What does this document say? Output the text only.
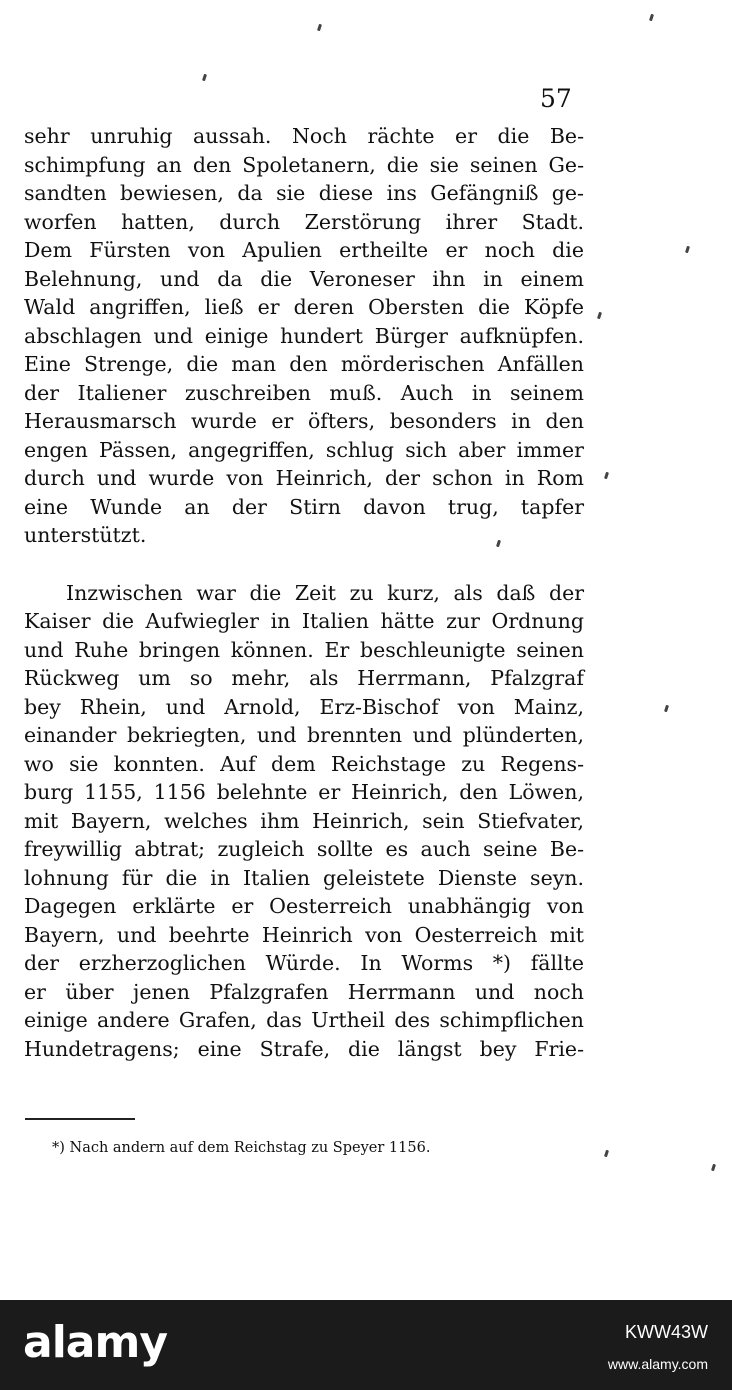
57
sehr unruhig aussah. Noch rächte er die Be-
schimpfung an den Spoletanern, die sie seinen Ge-
sandten bewiesen, da sie diese ins Gefängniß ge-
worfen hatten, durch Zerstörung ihrer Stadt.
Dem Fürsten von Apulien ertheilte er noch die
Belehnung, und da die Veroneser ihn in einem
Wald angriffen, ließ er deren Obersten die Köpfe
abschlagen und einige hundert Bürger aufknüpfen.
Eine Strenge, die man den mörderischen Anfällen
der Italiener zuschreiben muß. Auch in seinem
Herausmarsch wurde er öfters, besonders in den
engen Pässen, angegriffen, schlug sich aber immer
durch und wurde von Heinrich, der schon in Rom
eine Wunde an der Stirn davon trug, tapfer
unterstützt.
Inzwischen war die Zeit zu kurz, als daß der
Kaiser die Aufwiegler in Italien hätte zur Ordnung
und Ruhe bringen können. Er beschleunigte seinen
Rückweg um so mehr, als Herrmann, Pfalzgraf
bey Rhein, und Arnold, Erz-Bischof von Mainz,
einander bekriegten, und brennten und plünderten,
wo sie konnten. Auf dem Reichstage zu Regens-
burg 1155, 1156 belehnte er Heinrich, den Löwen,
mit Bayern, welches ihm Heinrich, sein Stiefvater,
freywillig abtrat; zugleich sollte es auch seine Be-
lohnung für die in Italien geleistete Dienste seyn.
Dagegen erklärte er Oesterreich unabhängig von
Bayern, und beehrte Heinrich von Oesterreich mit
der erzherzoglichen Würde. In Worms *) fällte
er über jenen Pfalzgrafen Herrmann und noch
einige andere Grafen, das Urtheil des schimpflichen
Hundetragens; eine Strafe, die längst bey Frie-
*) Nach andern auf dem Reichstag zu Speyer 1156.
alamy	KWW43W
www.alamy.com
